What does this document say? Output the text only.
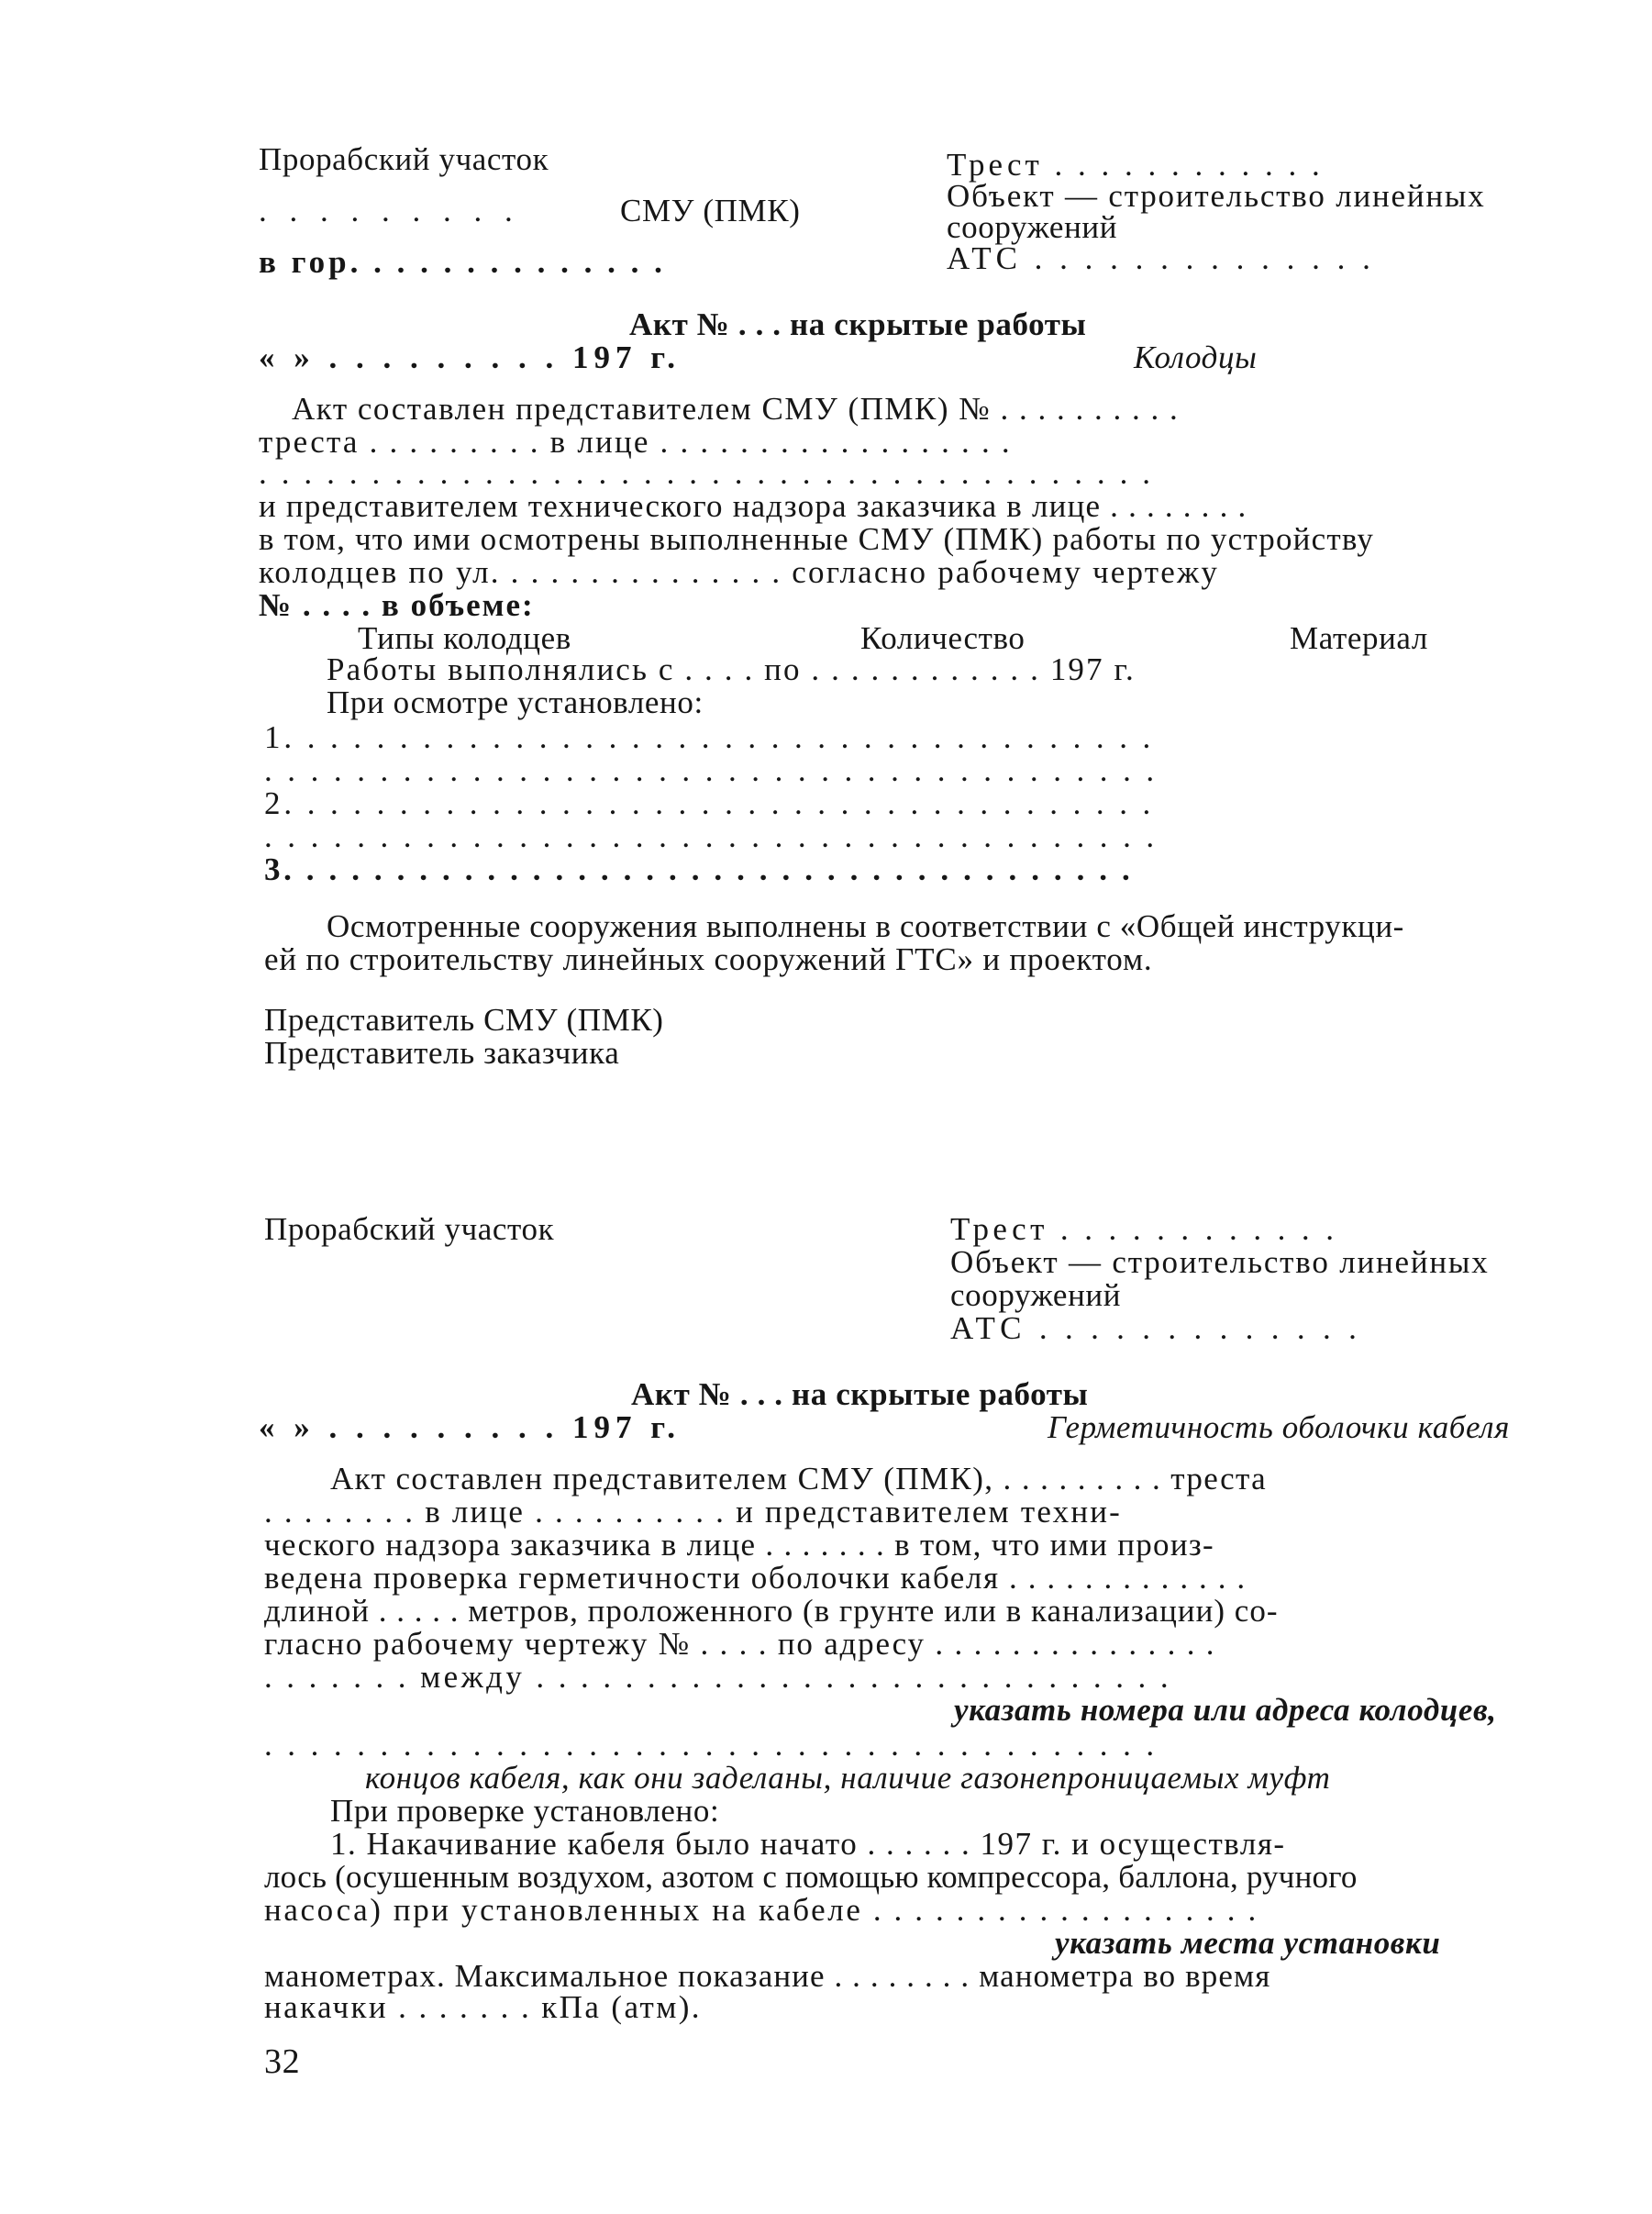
Прорабский участок
. . . . . . . . .	СМУ (ПМК)
в гор. . . . . . . . . . . . . .
Трест . . . . . . . . . . . .
Объект — строительство линейных
сооружений
АТС . . . . . . . . . . . . . .
Акт № . . . на скрытые работы
« » . . . . . . . . . 197 г.	Колодцы
Акт составлен представителем СМУ (ПМК) № . . . . . . . . . .
треста . . . . . . . . . в лице . . . . . . . . . . . . . . . . . .
. . . . . . . . . . . . . . . . . . . . . . . . . . . . . . . . . . . . . . . .
и представителем технического надзора заказчика в лице . . . . . . . .
в том, что ими осмотрены выполненные СМУ (ПМК) работы по устройству
колодцев по ул. . . . . . . . . . . . . . . согласно рабочему чертежу
№ . . . . в объеме:
Типы колодцев	Количество	Материал
Работы выполнялись с . . . . по . . . . . . . . . . . . 197 г.
При осмотре установлено:
1. . . . . . . . . . . . . . . . . . . . . . . . . . . . . . . . . . . . . .
. . . . . . . . . . . . . . . . . . . . . . . . . . . . . . . . . . . . . . .
2. . . . . . . . . . . . . . . . . . . . . . . . . . . . . . . . . . . . . .
. . . . . . . . . . . . . . . . . . . . . . . . . . . . . . . . . . . . . . .
3. . . . . . . . . . . . . . . . . . . . . . . . . . . . . . . . . . . . . .
Осмотренные сооружения выполнены в соответствии с «Общей инструкци-
ей по строительству линейных сооружений ГТС» и проектом.
Представитель СМУ (ПМК)
Представитель заказчика
Прорабский участок	Трест . . . . . . . . . . . .
Объект — строительство линейных
сооружений
АТС . . . . . . . . . . . . .
Акт № . . . на скрытые работы
« » . . . . . . . . . 197 г.	Герметичность оболочки кабеля
Акт составлен представителем СМУ (ПМК), . . . . . . . . . треста
. . . . . . . . в лице . . . . . . . . . . и представителем техни-
ческого надзора заказчика в лице . . . . . . . в том, что ими произ-
ведена проверка герметичности оболочки кабеля . . . . . . . . . . . . .
длиной . . . . . метров, проложенного (в грунте или в канализации) со-
гласно рабочему чертежу № . . . . по адресу . . . . . . . . . . . . . . .
. . . . . . . между . . . . . . . . . . . . . . . . . . . . . . . . . . . . .
указать номера или адреса колодцев,
. . . . . . . . . . . . . . . . . . . . . . . . . . . . . . . . . . . . . . .
концов кабеля, как они заделаны, наличие газонепроницаемых муфт
При проверке установлено:
1. Накачивание кабеля было начато . . . . . . 197 г. и осуществля-
лось (осушенным воздухом, азотом с помощью компрессора, баллона, ручного
насоса) при установленных на кабеле . . . . . . . . . . . . . . . . . . .
указать места установки
манометрах. Максимальное показание . . . . . . . . манометра во время
накачки . . . . . . . кПа (атм).
32
